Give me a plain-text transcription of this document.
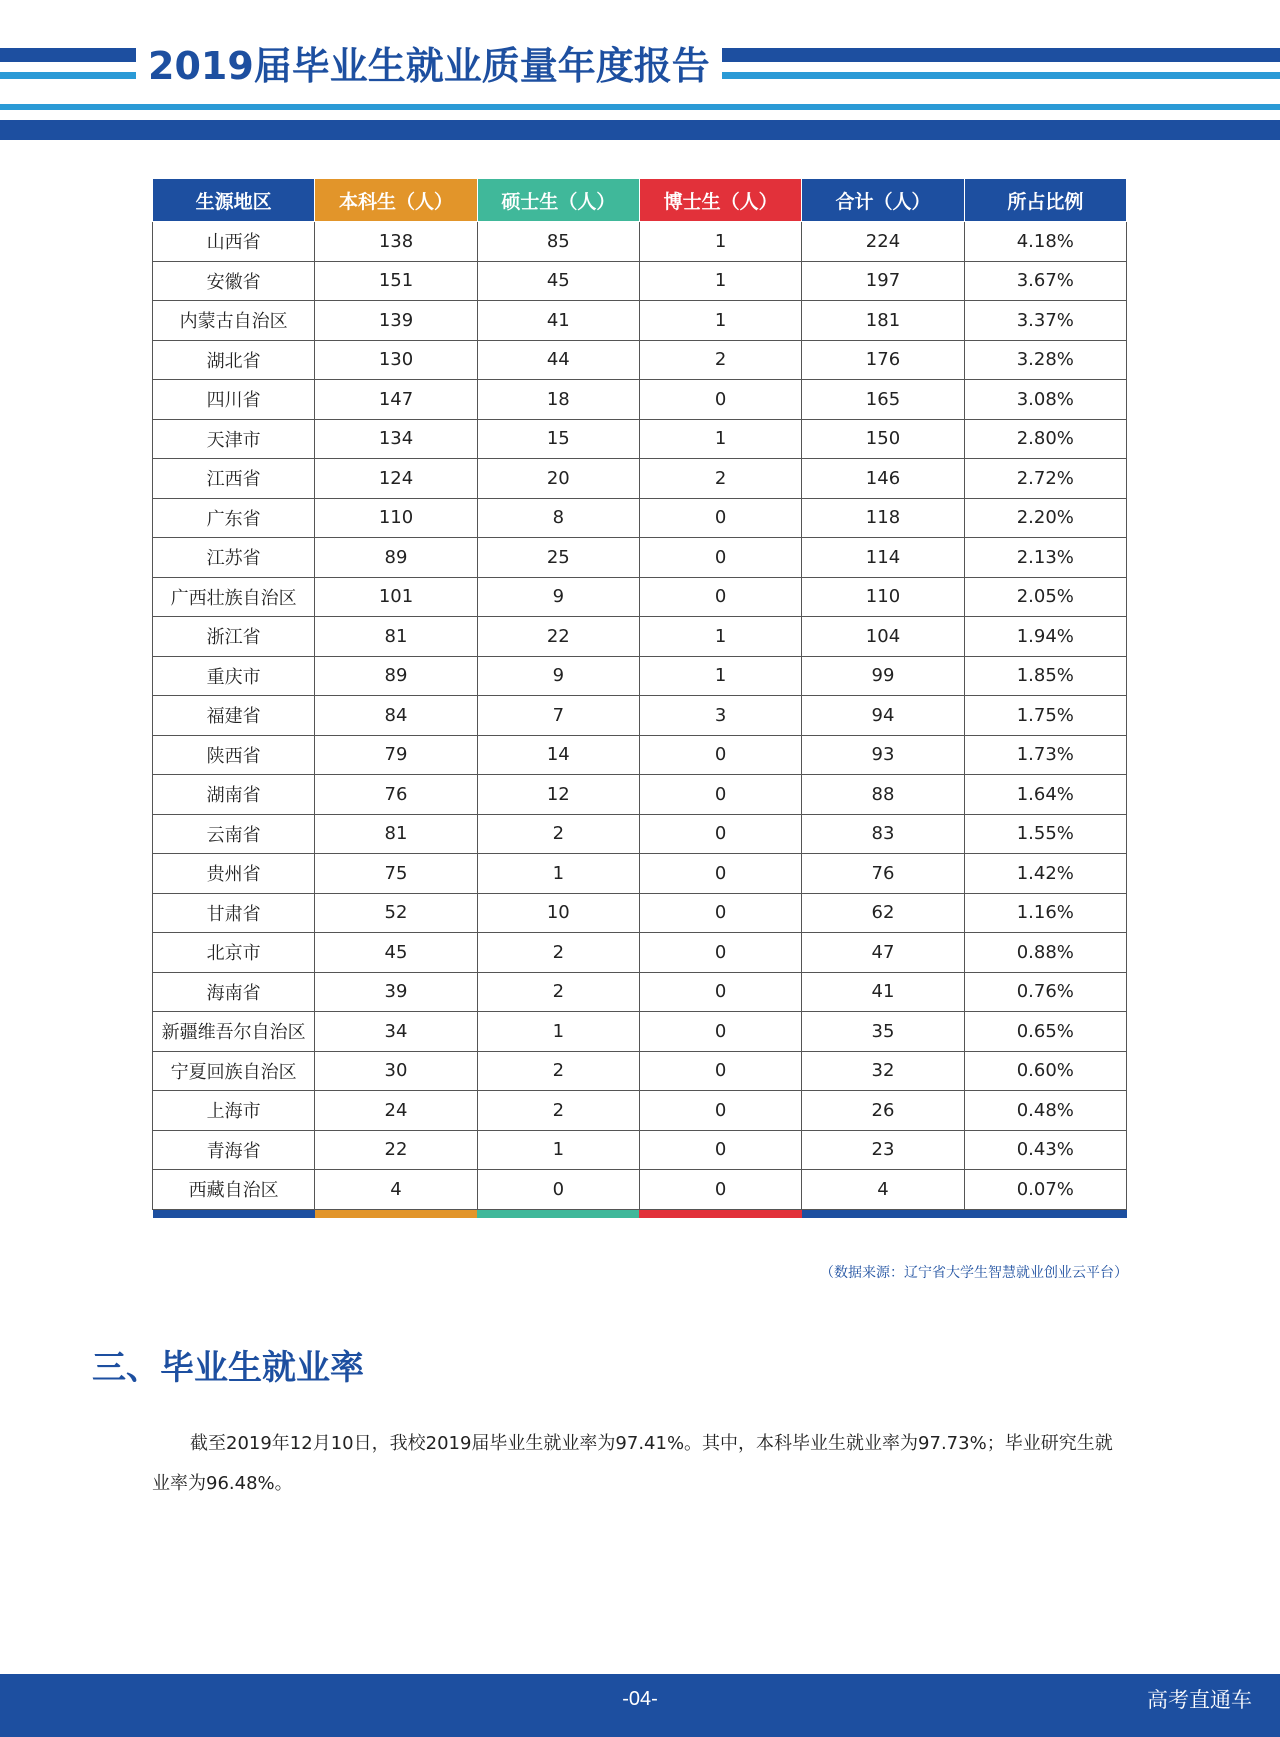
2019届毕业生就业质量年度报告
生源地区	本科生（人）	硕士生（人）	博士生（人）	合计（人）	所占比例
山西省	138	85	1	224	4.18%
安徽省	151	45	1	197	3.67%
内蒙古自治区	139	41	1	181	3.37%
湖北省	130	44	2	176	3.28%
四川省	147	18	0	165	3.08%
天津市	134	15	1	150	2.80%
江西省	124	20	2	146	2.72%
广东省	110	8	0	118	2.20%
江苏省	89	25	0	114	2.13%
广西壮族自治区	101	9	0	110	2.05%
浙江省	81	22	1	104	1.94%
重庆市	89	9	1	99	1.85%
福建省	84	7	3	94	1.75%
陕西省	79	14	0	93	1.73%
湖南省	76	12	0	88	1.64%
云南省	81	2	0	83	1.55%
贵州省	75	1	0	76	1.42%
甘肃省	52	10	0	62	1.16%
北京市	45	2	0	47	0.88%
海南省	39	2	0	41	0.76%
新疆维吾尔自治区	34	1	0	35	0.65%
宁夏回族自治区	30	2	0	32	0.60%
上海市	24	2	0	26	0.48%
青海省	22	1	0	23	0.43%
西藏自治区	4	0	0	4	0.07%

（数据来源：辽宁省大学生智慧就业创业云平台）
三、毕业生就业率
截至2019年12月10日，我校2019届毕业生就业率为97.41%。其中，本科毕业生就业率为97.73%；毕业研究生就业率为96.48%。
-04-	高考直通车
